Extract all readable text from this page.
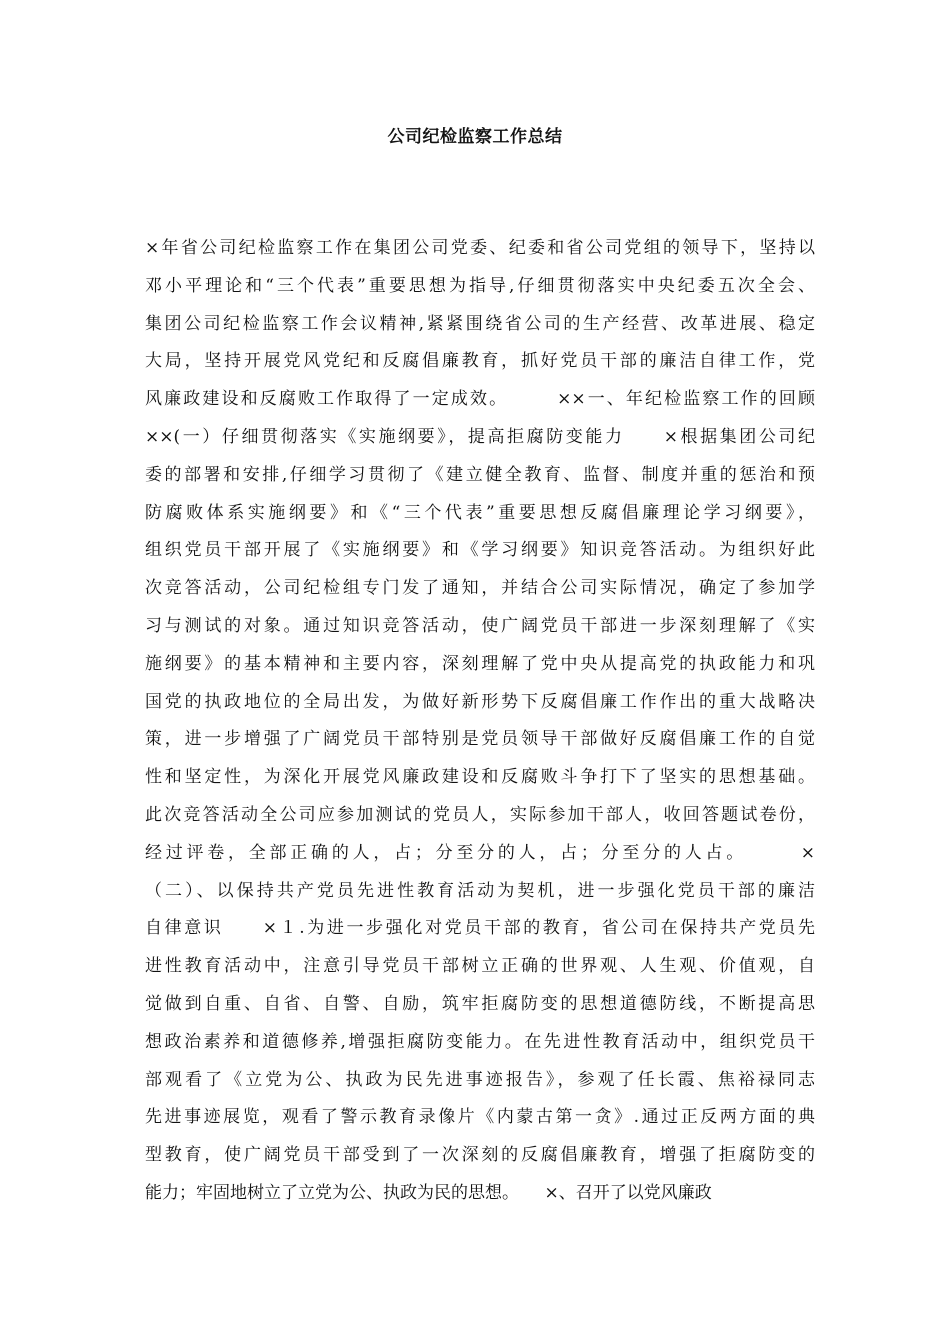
公司纪检监察工作总结
×年省公司纪检监察工作在集团公司党委、纪委和省公司党组的领导下，坚持以
邓小平理论和“三个代表”重要思想为指导,仔细贯彻落实中央纪委五次全会、
集团公司纪检监察工作会议精神,紧紧围绕省公司的生产经营、改革进展、稳定
大局，坚持开展党风党纪和反腐倡廉教育，抓好党员干部的廉洁自律工作，党
风廉政建设和反腐败工作取得了一定成效。　　　××一、年纪检监察工作的回顾
××(一）仔细贯彻落实《实施纲要》，提高拒腐防变能力　　×根据集团公司纪
委的部署和安排,仔细学习贯彻了《建立健全教育、监督、制度并重的惩治和预
防腐败体系实施纲要》和《“三个代表”重要思想反腐倡廉理论学习纲要》，
组织党员干部开展了《实施纲要》和《学习纲要》知识竞答活动。为组织好此
次竞答活动，公司纪检组专门发了通知，并结合公司实际情况，确定了参加学
习与测试的对象。通过知识竞答活动，使广阔党员干部进一步深刻理解了《实
施纲要》的基本精神和主要内容，深刻理解了党中央从提高党的执政能力和巩
国党的执政地位的全局出发，为做好新形势下反腐倡廉工作作出的重大战略决
策，进一步增强了广阔党员干部特别是党员领导干部做好反腐倡廉工作的自觉
性和坚定性，为深化开展党风廉政建设和反腐败斗争打下了坚实的思想基础。
此次竞答活动全公司应参加测试的党员人，实际参加干部人，收回答题试卷份，
经过评卷，全部正确的人，占；分至分的人，占；分至分的人占。　　　×
（二）、以保持共产党员先进性教育活动为契机，进一步强化党员干部的廉洁
自律意识　　×１.为进一步强化对党员干部的教育，省公司在保持共产党员先
进性教育活动中，注意引导党员干部树立正确的世界观、人生观、价值观，自
觉做到自重、自省、自警、自励，筑牢拒腐防变的思想道德防线，不断提高思
想政治素养和道德修养,增强拒腐防变能力。在先进性教育活动中，组织党员干
部观看了《立党为公、执政为民先进事迹报告》，参观了任长霞、焦裕禄同志
先进事迹展览，观看了警示教育录像片《内蒙古第一贪》.通过正反两方面的典
型教育，使广阔党员干部受到了一次深刻的反腐倡廉教育，增强了拒腐防变的
能力；牢固地树立了立党为公、执政为民的思想。　　×、召开了以党风廉政
